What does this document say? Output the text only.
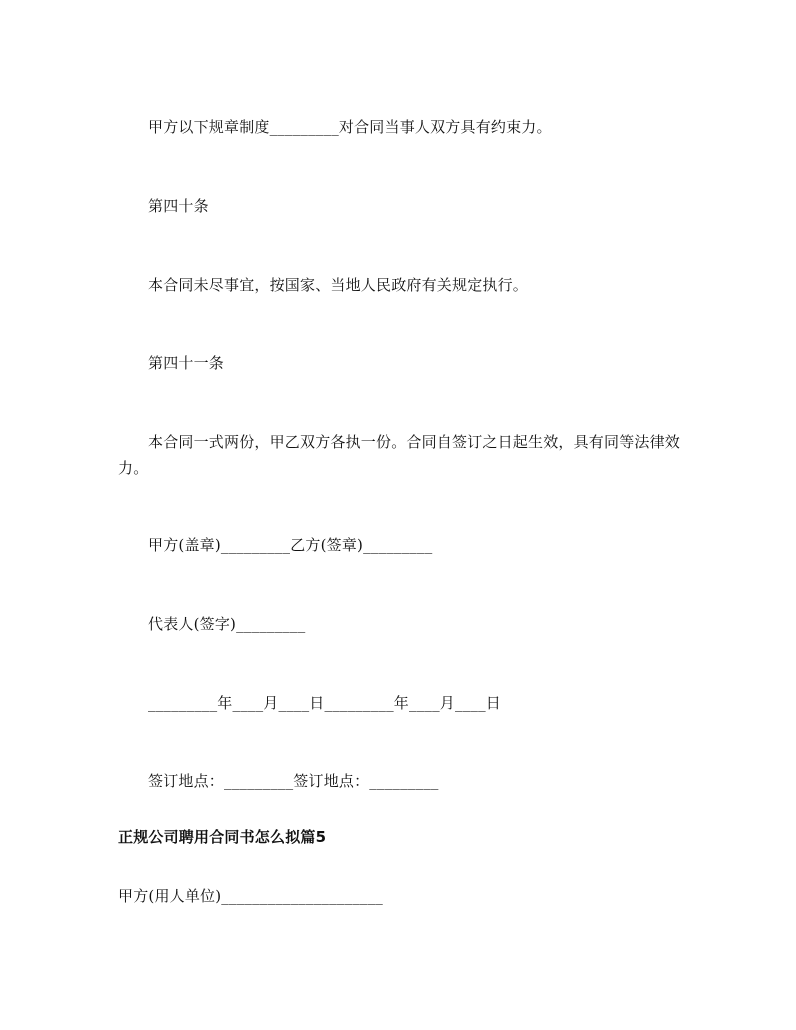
甲方以下规章制度_________对合同当事人双方具有约束力。
第四十条
本合同未尽事宜，按国家、当地人民政府有关规定执行。
第四十一条
本合同一式两份，甲乙双方各执一份。合同自签订之日起生效，具有同等法律效力。
甲方(盖章)_________乙方(签章)_________
代表人(签字)_________
_________年____月____日_________年____月____日
签订地点：_________签订地点：_________
正规公司聘用合同书怎么拟篇5
甲方(用人单位)_____________________
